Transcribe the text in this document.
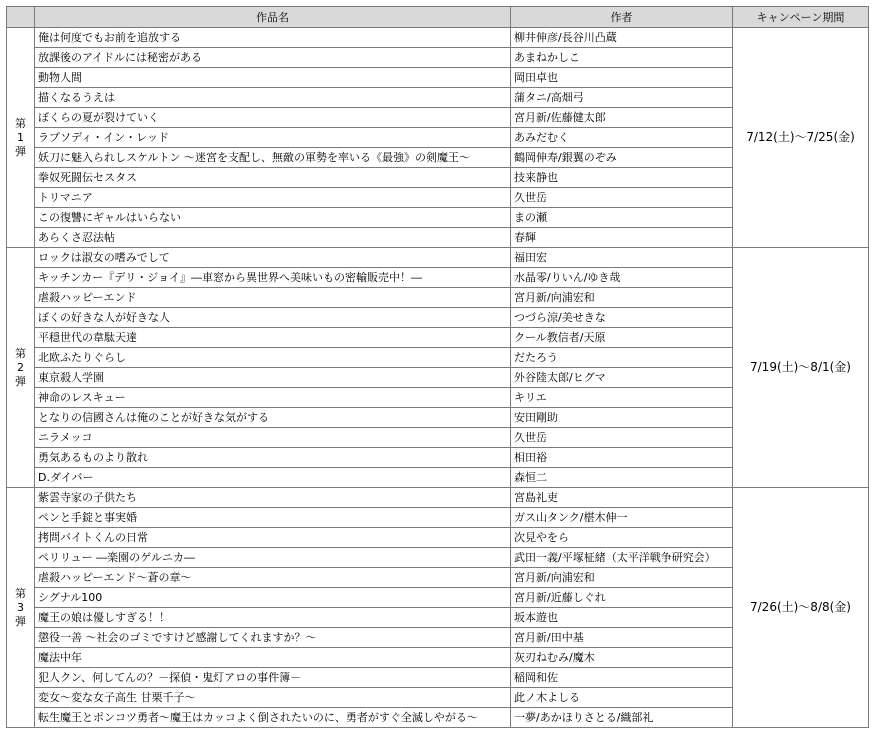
	作品名	作者	キャンペーン期間

第
1
弾	俺は何度でもお前を追放する	柳井伸彦/長谷川凸蔵	7/12(土)～7/25(金)
	放課後のアイドルには秘密がある	あまねかしこ	
	動物人間	岡田卓也	
	描くなるうえは	蒲タニ/高畑弓	
	ぼくらの夏が裂けていく	宮月新/佐藤健太郎	
	ラプソディ・イン・レッド	あみだむく	
	妖刀に魅入られしスケルトン ～迷宮を支配し、無敵の軍勢を率いる《最強》の剣魔王～	鶴岡伸寿/銀翼のぞみ	
	拳奴死闘伝セスタス	技来静也	
	トリマニア	久世岳	
	この復讐にギャルはいらない	まの瀬	
	あらくさ忍法帖	春輝	

第
2
弾	ロックは淑女の嗜みでして	福田宏	7/19(土)～8/1(金)
	キッチンカー『デリ・ジョイ』―車窓から異世界へ美味いもの密輸販売中！―	水晶零/りいん/ゆき哉	
	虐殺ハッピーエンド	宮月新/向浦宏和	
	ぼくの好きな人が好きな人	つづら涼/美せきな	
	平穏世代の韋駄天達	クール教信者/天原	
	北欧ふたりぐらし	だたろう	
	東京殺人学園	外谷陸太郎/ヒグマ	
	神命のレスキュー	キリエ	
	となりの信國さんは俺のことが好きな気がする	安田剛助	
	ニラメッコ	久世岳	
	勇気あるものより散れ	相田裕	
	D.ダイバー	森恒二	

第
3
弾	紫雲寺家の子供たち	宮島礼吏	7/26(土)～8/8(金)
	ペンと手錠と事実婚	ガス山タンク/椹木伸一	
	拷問バイトくんの日常	次見やをら	
	ペリリュー ―楽園のゲルニカ―	武田一義/平塚柾緒（太平洋戦争研究会）	
	虐殺ハッピーエンド～蒼の章～	宮月新/向浦宏和	
	シグナル100	宮月新/近藤しぐれ	
	魔王の娘は優しすぎる！！	坂本遊也	
	懲役一善 ～社会のゴミですけど感謝してくれますか？～	宮月新/田中基	
	魔法中年	灰刃ねむみ/魔木	
	犯人クン、何してんの？－探偵・鬼灯アロの事件簿－	稲岡和佐	
	変女～変な女子高生 甘栗千子～	此ノ木よしる	
	転生魔王とポンコツ勇者～魔王はカッコよく倒されたいのに、勇者がすぐ全滅しやがる～	一夢/あかほりさとる/織部礼	
